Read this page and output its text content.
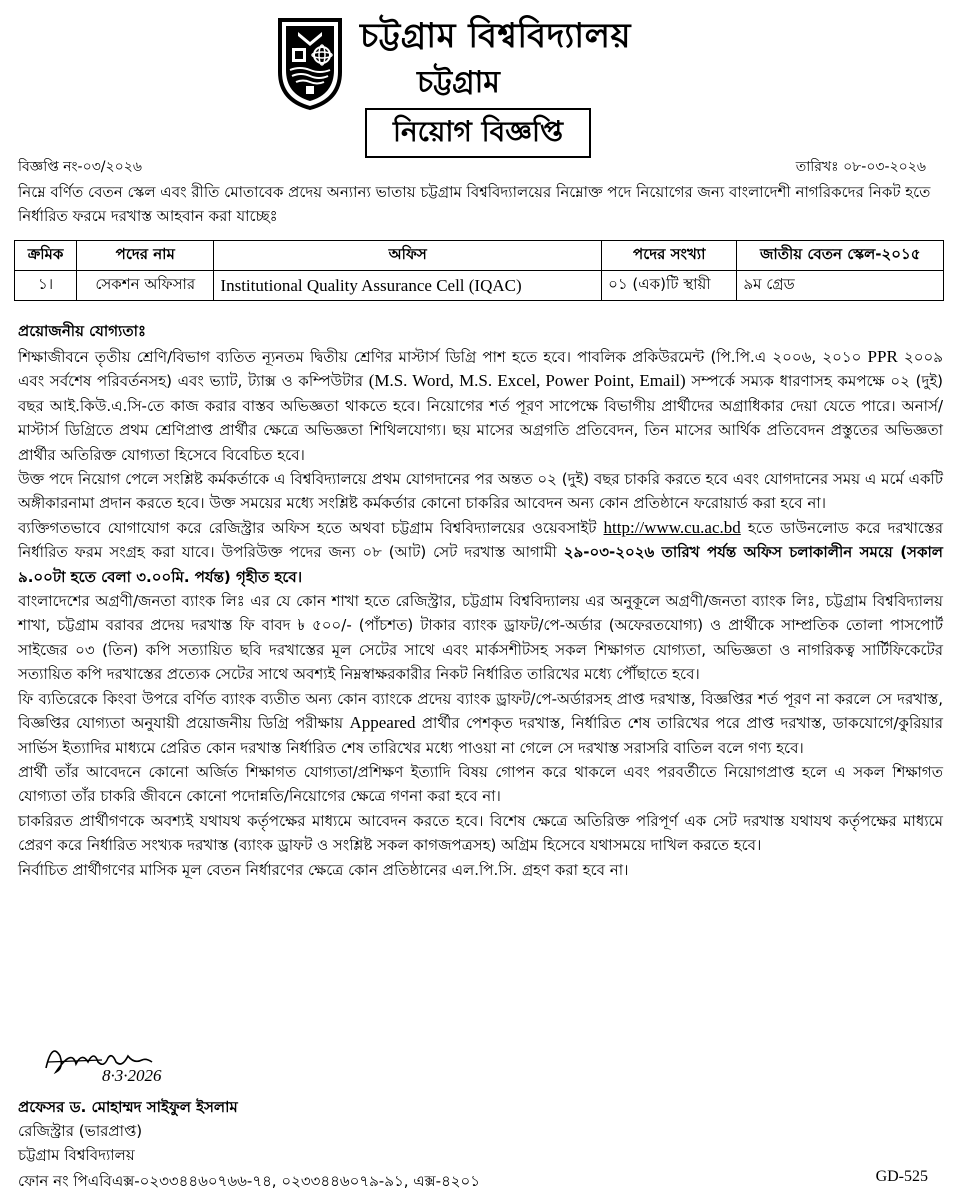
চট্টগ্রাম বিশ্ববিদ্যালয়
চট্টগ্রাম
নিয়োগ বিজ্ঞপ্তি
বিজ্ঞপ্তি নং-০৩/২০২৬	তারিখঃ ০৮-০৩-২০২৬
নিম্নে বর্ণিত বেতন স্কেল এবং রীতি মোতাবেক প্রদেয় অন্যান্য ভাতায় চট্টগ্রাম বিশ্ববিদ্যালয়ের নিম্নোক্ত পদে নিয়োগের জন্য বাংলাদেশী নাগরিকদের নিকট হতে নির্ধারিত ফরমে দরখাস্ত আহবান করা যাচ্ছেঃ
ক্রমিক	পদের নাম	অফিস	পদের সংখ্যা	জাতীয় বেতন স্কেল-২০১৫
১।	সেকশন অফিসার	Institutional Quality Assurance Cell (IQAC)	০১ (এক)টি স্থায়ী	৯ম গ্রেড
প্রয়োজনীয় যোগ্যতাঃ

শিক্ষাজীবনে তৃতীয় শ্রেণি/বিভাগ ব্যতিত ন্যূনতম দ্বিতীয় শ্রেণির মাস্টার্স ডিগ্রি পাশ হতে হবে। পাবলিক প্রকিউরমেন্ট (পি.পি.এ ২০০৬, ২০১০ PPR ২০০৯ এবং সর্বশেষ পরিবর্তনসহ) এবং ভ্যাট, ট্যাক্স ও কম্পিউটার (M.S. Word, M.S. Excel, Power Point, Email) সম্পর্কে সম্যক ধারণাসহ কমপক্ষে ০২ (দুই) বছর আই.কিউ.এ.সি-তে কাজ করার বাস্তব অভিজ্ঞতা থাকতে হবে। নিয়োগের শর্ত পূরণ সাপেক্ষে বিভাগীয় প্রার্থীদের অগ্রাধিকার দেয়া যেতে পারে। অনার্স/মাস্টার্স ডিগ্রিতে প্রথম শ্রেণিপ্রাপ্ত প্রার্থীর ক্ষেত্রে অভিজ্ঞতা শিথিলযোগ্য। ছয় মাসের অগ্রগতি প্রতিবেদন, তিন মাসের আর্থিক প্রতিবেদন প্রস্তুতের অভিজ্ঞতা প্রার্থীর অতিরিক্ত যোগ্যতা হিসেবে বিবেচিত হবে।

উক্ত পদে নিয়োগ পেলে সংশ্লিষ্ট কর্মকর্তাকে এ বিশ্ববিদ্যালয়ে প্রথম যোগদানের পর অন্তত ০২ (দুই) বছর চাকরি করতে হবে এবং যোগদানের সময় এ মর্মে একটি অঙ্গীকারনামা প্রদান করতে হবে। উক্ত সময়ের মধ্যে সংশ্লিষ্ট কর্মকর্তার কোনো চাকরির আবেদন অন্য কোন প্রতিষ্ঠানে ফরোয়ার্ড করা হবে না।

ব্যক্তিগতভাবে যোগাযোগ করে রেজিস্ট্রার অফিস হতে অথবা চট্টগ্রাম বিশ্ববিদ্যালয়ের ওয়েবসাইট http://www.cu.ac.bd হতে ডাউনলোড করে দরখাস্তের নির্ধারিত ফরম সংগ্রহ করা যাবে। উপরিউক্ত পদের জন্য ০৮ (আট) সেট দরখাস্ত আগামী ২৯-০৩-২০২৬ তারিখ পর্যন্ত অফিস চলাকালীন সময়ে (সকাল ৯.০০টা হতে বেলা ৩.০০মি. পর্যন্ত) গৃহীত হবে।

বাংলাদেশের অগ্রণী/জনতা ব্যাংক লিঃ এর যে কোন শাখা হতে রেজিস্ট্রার, চট্টগ্রাম বিশ্ববিদ্যালয় এর অনুকূলে অগ্রণী/জনতা ব্যাংক লিঃ, চট্টগ্রাম বিশ্ববিদ্যালয় শাখা, চট্টগ্রাম বরাবর প্রদেয় দরখাস্ত ফি বাবদ ৳ ৫০০/- (পাঁচশত) টাকার ব্যাংক ড্রাফট/পে-অর্ডার (অফেরতযোগ্য) ও প্রার্থীকে সাম্প্রতিক তোলা পাসপোর্ট সাইজের ০৩ (তিন) কপি সত্যায়িত ছবি দরখাস্তের মূল সেটের সাথে এবং মার্কসশীটসহ সকল শিক্ষাগত যোগ্যতা, অভিজ্ঞতা ও নাগরিকত্ব সার্টিফিকেটের সত্যায়িত কপি দরখাস্তের প্রত্যেক সেটের সাথে অবশ্যই নিম্নস্বাক্ষরকারীর নিকট নির্ধারিত তারিখের মধ্যে পৌঁছাতে হবে।

ফি ব্যতিরেকে কিংবা উপরে বর্ণিত ব্যাংক ব্যতীত অন্য কোন ব্যাংকে প্রদেয় ব্যাংক ড্রাফট/পে-অর্ডারসহ প্রাপ্ত দরখাস্ত, বিজ্ঞপ্তির শর্ত পূরণ না করলে সে দরখাস্ত, বিজ্ঞপ্তির যোগ্যতা অনুযায়ী প্রয়োজনীয় ডিগ্রি পরীক্ষায় Appeared প্রার্থীর পেশকৃত দরখাস্ত, নির্ধারিত শেষ তারিখের পরে প্রাপ্ত দরখাস্ত, ডাকযোগে/কুরিয়ার সার্ভিস ইত্যাদির মাধ্যমে প্রেরিত কোন দরখাস্ত নির্ধারিত শেষ তারিখের মধ্যে পাওয়া না গেলে সে দরখাস্ত সরাসরি বাতিল বলে গণ্য হবে।

প্রার্থী তাঁর আবেদনে কোনো অর্জিত শিক্ষাগত যোগ্যতা/প্রশিক্ষণ ইত্যাদি বিষয় গোপন করে থাকলে এবং পরবর্তীতে নিয়োগপ্রাপ্ত হলে এ সকল শিক্ষাগত যোগ্যতা তাঁর চাকরি জীবনে কোনো পদোন্নতি/নিয়োগের ক্ষেত্রে গণনা করা হবে না।

চাকরিরত প্রার্থীগণকে অবশ্যই যথাযথ কর্তৃপক্ষের মাধ্যমে আবেদন করতে হবে। বিশেষ ক্ষেত্রে অতিরিক্ত পরিপূর্ণ এক সেট দরখাস্ত যথাযথ কর্তৃপক্ষের মাধ্যমে প্রেরণ করে নির্ধারিত সংখ্যক দরখাস্ত (ব্যাংক ড্রাফট ও সংশ্লিষ্ট সকল কাগজপত্রসহ) অগ্রিম হিসেবে যথাসময়ে দাখিল করতে হবে।

নির্বাচিত প্রার্থীগণের মাসিক মূল বেতন নির্ধারণের ক্ষেত্রে কোন প্রতিষ্ঠানের এল.পি.সি. গ্রহণ করা হবে না।

8·3·2026
প্রফেসর ড. মোহাম্মদ সাইফুল ইসলাম
রেজিস্ট্রার (ভারপ্রাপ্ত)
চট্টগ্রাম বিশ্ববিদ্যালয়
ফোন নং পিএবিএক্স-০২৩৩৪৪৬০৭৬৬-৭৪, ০২৩৩৪৪৬০৭৯-৯১, এক্স-৪২০১	GD-525
